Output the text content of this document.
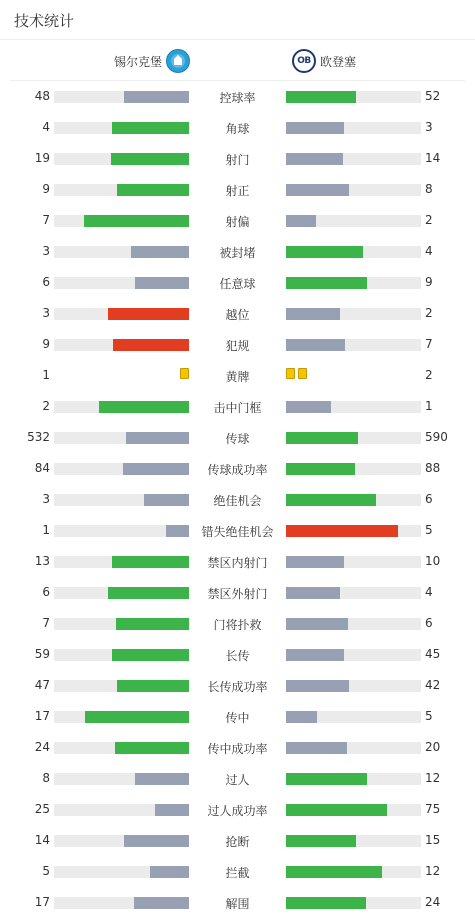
技术统计
锡尔克堡	OB 欧登塞
48	控球率	52
4	角球	3
19	射门	14
9	射正	8
7	射偏	2
3	被封堵	4
6	任意球	9
3	越位	2
9	犯规	7
1	黄牌	2
2	击中门框	1
532	传球	590
84	传球成功率	88
3	绝佳机会	6
1	错失绝佳机会	5
13	禁区内射门	10
6	禁区外射门	4
7	门将扑救	6
59	长传	45
47	长传成功率	42
17	传中	5
24	传中成功率	20
8	过人	12
25	过人成功率	75
14	抢断	15
5	拦截	12
17	解围	24
